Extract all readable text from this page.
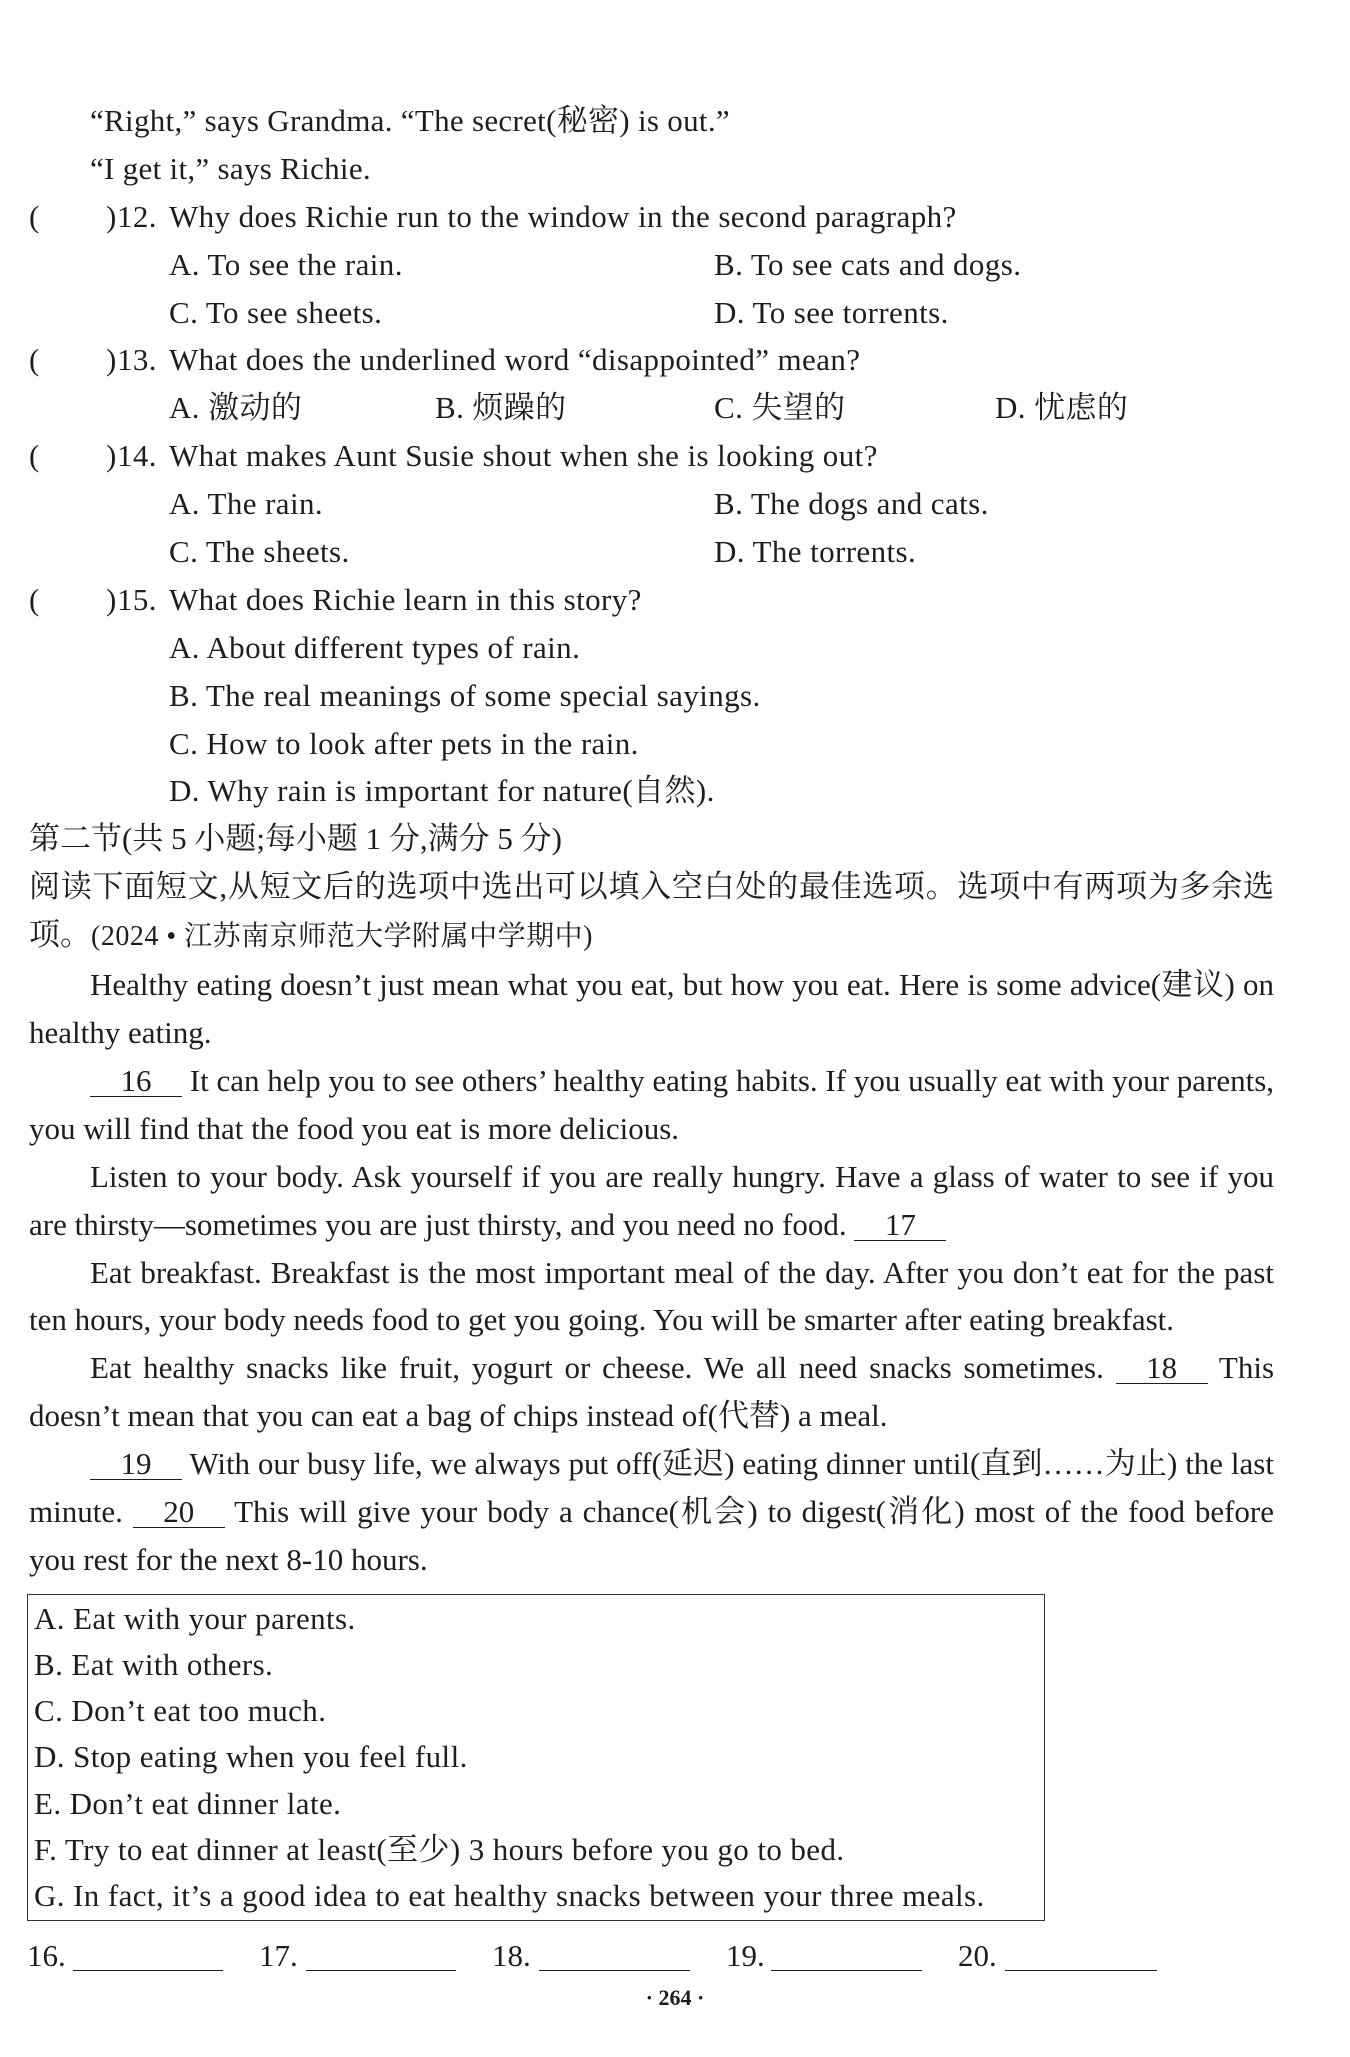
“Right,” says Grandma. “The secret(秘密) is out.”
“I get it,” says Richie.
( ) 12. Why does Richie run to the window in the second paragraph?
A. To see the rain.	B. To see cats and dogs.
C. To see sheets.	D. To see torrents.
( ) 13. What does the underlined word “disappointed” mean?
A. 激动的	B. 烦躁的	C. 失望的	D. 忧虑的
( ) 14. What makes Aunt Susie shout when she is looking out?
A. The rain.	B. The dogs and cats.
C. The sheets.	D. The torrents.
( ) 15. What does Richie learn in this story?
A. About different types of rain.
B. The real meanings of some special sayings.
C. How to look after pets in the rain.
D. Why rain is important for nature(自然).
第二节(共 5 小题;每小题 1 分,满分 5 分)

阅读下面短文,从短文后的选项中选出可以填入空白处的最佳选项。选项中有两项为多余选项。(2024 • 江苏南京师范大学附属中学期中)

Healthy eating doesn’t just mean what you eat, but how you eat. Here is some advice(建议) on healthy eating.

16 It can help you to see others’ healthy eating habits. If you usually eat with your parents, you will find that the food you eat is more delicious.

Listen to your body. Ask yourself if you are really hungry. Have a glass of water to see if you are thirsty—sometimes you are just thirsty, and you need no food. 17

Eat breakfast. Breakfast is the most important meal of the day. After you don’t eat for the past ten hours, your body needs food to get you going. You will be smarter after eating breakfast.

Eat healthy snacks like fruit, yogurt or cheese. We all need snacks sometimes. 18 This doesn’t mean that you can eat a bag of chips instead of(代替) a meal.

19 With our busy life, we always put off(延迟) eating dinner until(直到……为止) the last minute. 20 This will give your body a chance(机会) to digest(消化) most of the food before you rest for the next 8-10 hours.

A. Eat with your parents.
B. Eat with others.
C. Don’t eat too much.
D. Stop eating when you feel full.
E. Don’t eat dinner late.
F. Try to eat dinner at least(至少) 3 hours before you go to bed.
G. In fact, it’s a good idea to eat healthy snacks between your three meals.
16.	17.	18.	19.	20.
· 264 ·
